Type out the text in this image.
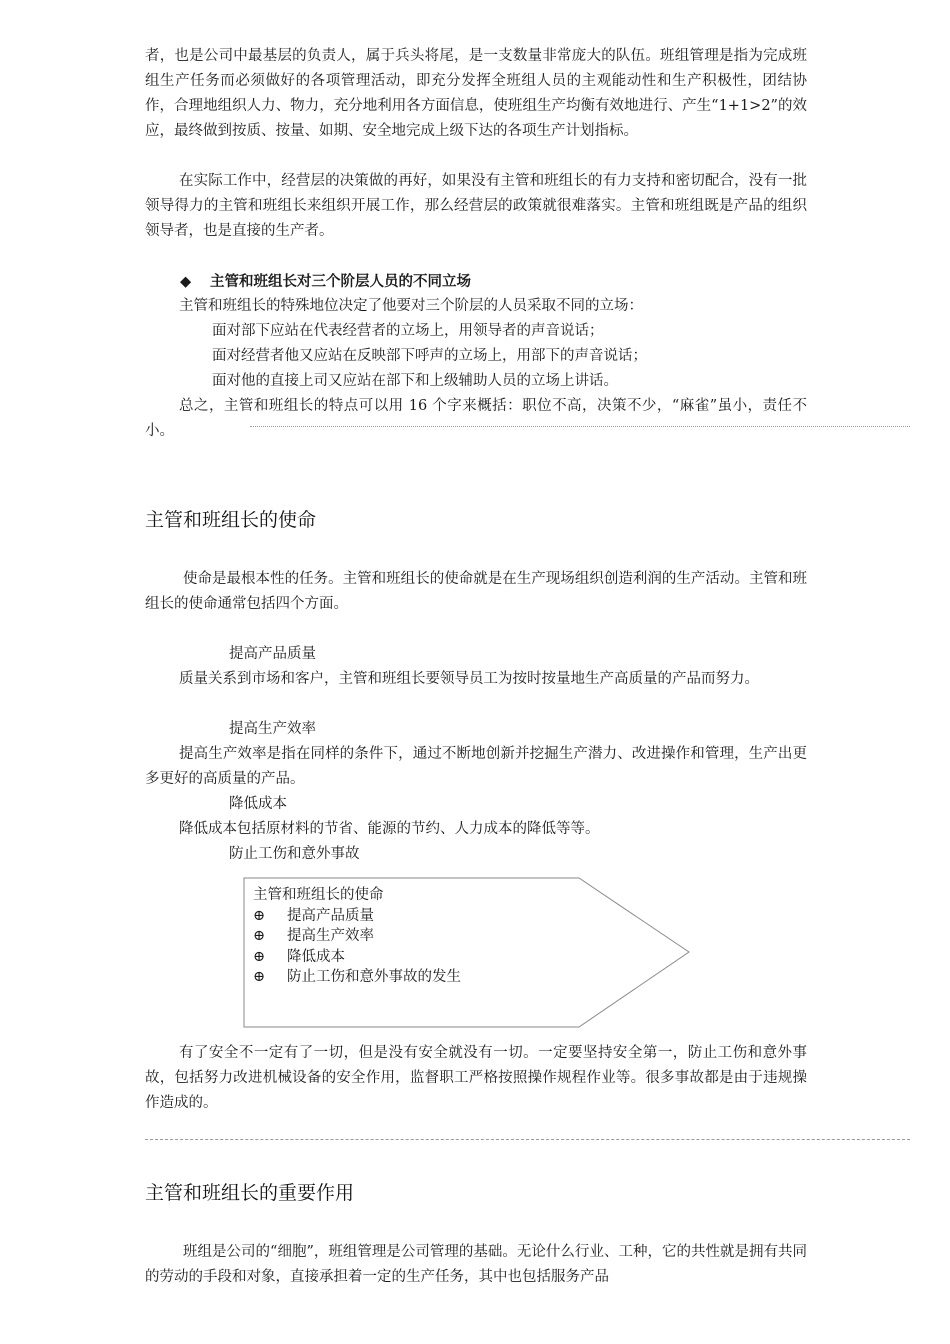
者，也是公司中最基层的负责人，属于兵头将尾，是一支数量非常庞大的队伍。班组管理是指为完成班组生产任务而必须做好的各项管理活动，即充分发挥全班组人员的主观能动性和生产积极性，团结协作，合理地组织人力、物力，充分地利用各方面信息，使班组生产均衡有效地进行、产生“1+1>2”的效应，最终做到按质、按量、如期、安全地完成上级下达的各项生产计划指标。

在实际工作中，经营层的决策做的再好，如果没有主管和班组长的有力支持和密切配合，没有一批领导得力的主管和班组长来组织开展工作，那么经营层的政策就很难落实。主管和班组既是产品的组织领导者，也是直接的生产者。

◆ 主管和班组长对三个阶层人员的不同立场

主管和班组长的特殊地位决定了他要对三个阶层的人员采取不同的立场：

面对部下应站在代表经营者的立场上，用领导者的声音说话；

面对经营者他又应站在反映部下呼声的立场上，用部下的声音说话；

面对他的直接上司又应站在部下和上级辅助人员的立场上讲话。

总之，主管和班组长的特点可以用 16 个字来概括：职位不高，决策不少，“麻雀”虽小，责任不小。

主管和班组长的使命

使命是最根本性的任务。主管和班组长的使命就是在生产现场组织创造利润的生产活动。主管和班组长的使命通常包括四个方面。

提高产品质量

质量关系到市场和客户，主管和班组长要领导员工为按时按量地生产高质量的产品而努力。

提高生产效率

提高生产效率是指在同样的条件下，通过不断地创新并挖掘生产潜力、改进操作和管理，生产出更多更好的高质量的产品。

降低成本

降低成本包括原材料的节省、能源的节约、人力成本的降低等等。

防止工伤和意外事故

主管和班组长的使命
⊕ 提高产品质量
⊕ 提高生产效率
⊕ 降低成本
⊕ 防止工伤和意外事故的发生

有了安全不一定有了一切，但是没有安全就没有一切。一定要坚持安全第一，防止工伤和意外事故，包括努力改进机械设备的安全作用，监督职工严格按照操作规程作业等。很多事故都是由于违规操作造成的。

主管和班组长的重要作用

班组是公司的“细胞”，班组管理是公司管理的基础。无论什么行业、工种，它的共性就是拥有共同的劳动的手段和对象，直接承担着一定的生产任务，其中也包括服务产品
